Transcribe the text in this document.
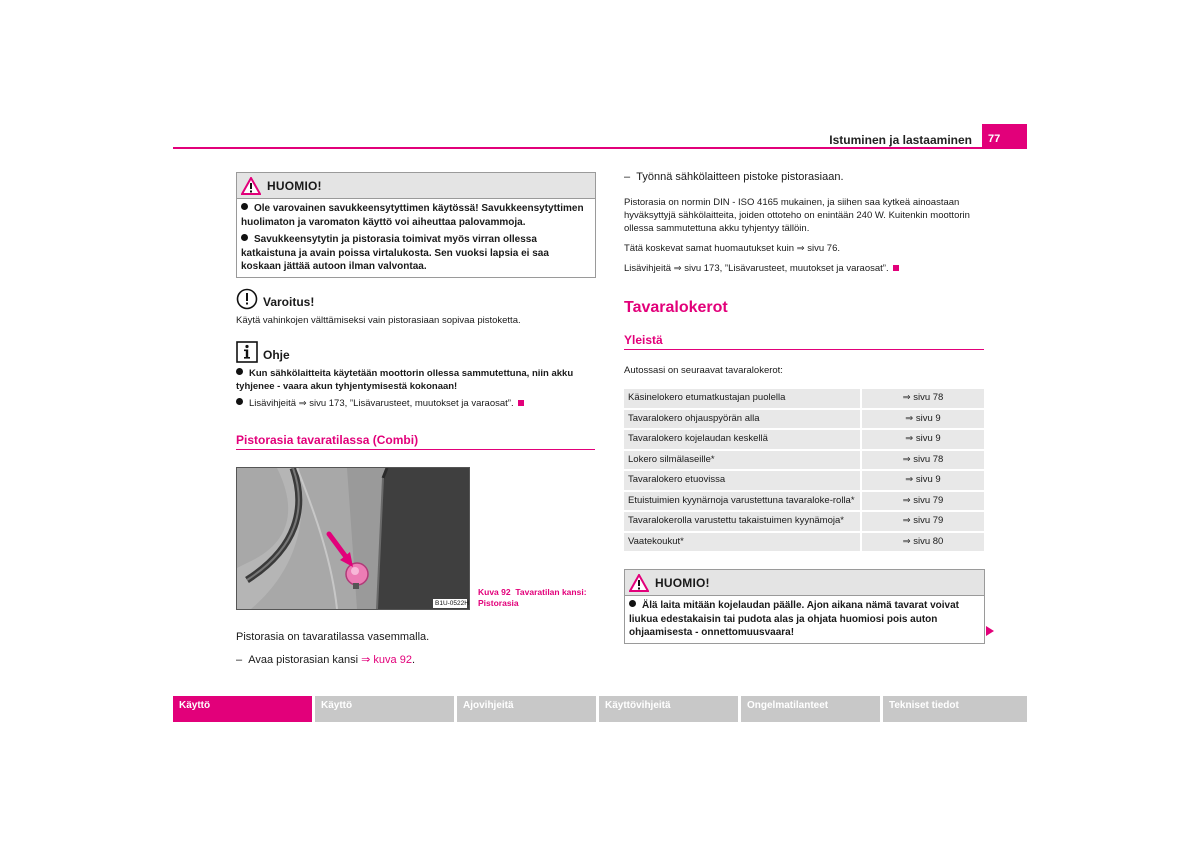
Istuminen ja lastaaminen	77
HUOMIO!

Ole varovainen savukkeensytyttimen käytössä! Savukkeensytyttimen huolimaton ja varomaton käyttö voi aiheuttaa palovammoja.

Savukkeensytytin ja pistorasia toimivat myös virran ollessa katkaistuna ja avain poissa virtalukosta. Sen vuoksi lapsia ei saa koskaan jättää autoon ilman valvontaa.

Varoitus!
Käytä vahinkojen välttämiseksi vain pistorasiaan sopivaa pistoketta.
Ohje
Kun sähkölaitteita käytetään moottorin ollessa sammutettuna, niin akku tyhjenee - vaara akun tyhjentymisestä kokonaan!
Lisävihjeitä ⇒ sivu 173, ”Lisävarusteet, muutokset ja varaosat”.
Pistorasia tavaratilassa (Combi)
B1U-0522H
Kuva 92 Tavaratilan kansi: Pistorasia
Pistorasia on tavaratilassa vasemmalla.
–  Avaa pistorasian kansi ⇒ kuva 92.
–  Työnnä sähkölaitteen pistoke pistorasiaan.
Pistorasia on normin DIN - ISO 4165 mukainen, ja siihen saa kytkeä ainoastaan hyväksyttyjä sähkölaitteita, joiden ottoteho on enintään 240 W. Kuitenkin moottorin ollessa sammutettuna akku tyhjentyy tällöin.
Tätä koskevat samat huomautukset kuin ⇒ sivu 76.
Lisävihjeitä ⇒ sivu 173, ”Lisävarusteet, muutokset ja varaosat”.
Tavaralokerot
Yleistä
Autossasi on seuraavat tavaralokerot:
Käsinelokero etumatkustajan puolella	⇒ sivu 78
Tavaralokero ohjauspyörän alla	⇒ sivu 9
Tavaralokero kojelaudan keskellä	⇒ sivu 9
Lokero silmälaseille*	⇒ sivu 78
Tavaralokero etuovissa	⇒ sivu 9
Etuistuimien kyynärnoja varustettuna tavaraloke-rolla*	⇒ sivu 79
Tavaralokerolla varustettu takaistuimen kyynämoja*	⇒ sivu 79
Vaatekoukut*	⇒ sivu 80
HUOMIO!

Älä laita mitään kojelaudan päälle. Ajon aikana nämä tavarat voivat liukua edestakaisin tai pudota alas ja ohjata huomiosi pois auton ohjaamisesta - onnettomuusvaara!

Käyttö	Käyttö	Ajovihjeitä	Käyttövihjeitä	Ongelmatilanteet	Tekniset tiedot
